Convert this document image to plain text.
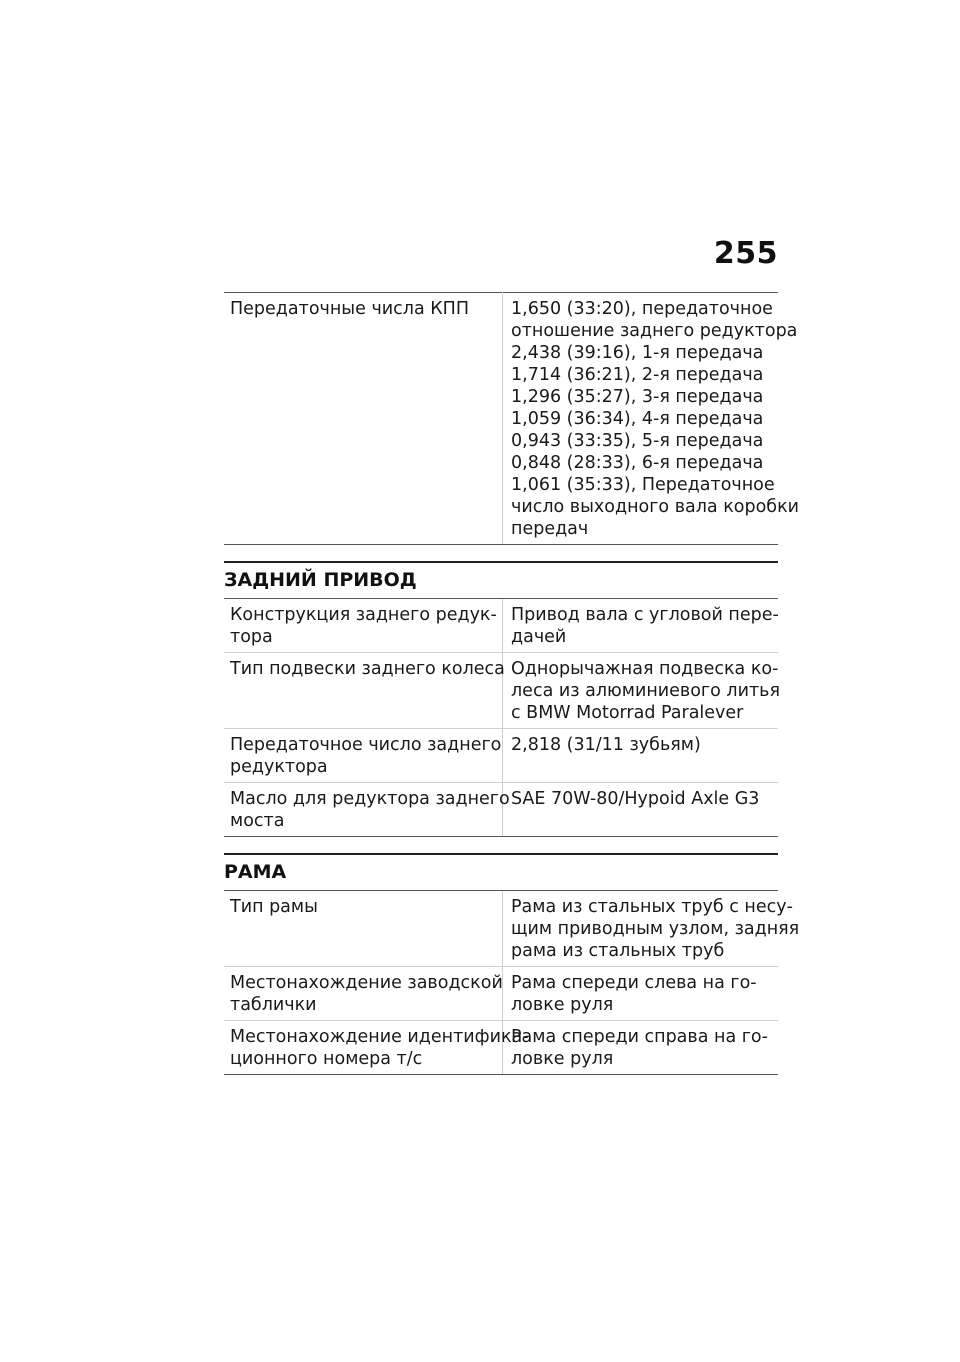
255
Передаточные числа КПП	1,650 (33:20), передаточное
отношение заднего редуктора
2,438 (39:16), 1-я передача
1,714 (36:21), 2-я передача
1,296 (35:27), 3-я передача
1,059 (36:34), 4-я передача
0,943 (33:35), 5-я передача
0,848 (28:33), 6-я передача
1,061 (35:33), Передаточное
число выходного вала коробки
передач
ЗАДНИЙ ПРИВОД
Конструкция заднего редук-
тора	Привод вала с угловой пере-
дачей

Тип подвески заднего колеса	Однорычажная подвеска ко-
леса из алюминиевого литья
с BMW Motorrad Paralever

Передаточное число заднего
редуктора	2,818 (31/11 зубьям)

Масло для редуктора заднего
моста	SAE 70W-80/Hypoid Axle G3
РАМА
Тип рамы	Рама из стальных труб с несу-
щим приводным узлом, задняя
рама из стальных труб

Местонахождение заводской
таблички	Рама спереди слева на го-
ловке руля

Местонахождение идентифика-
ционного номера т/с	Рама спереди справа на го-
ловке руля
